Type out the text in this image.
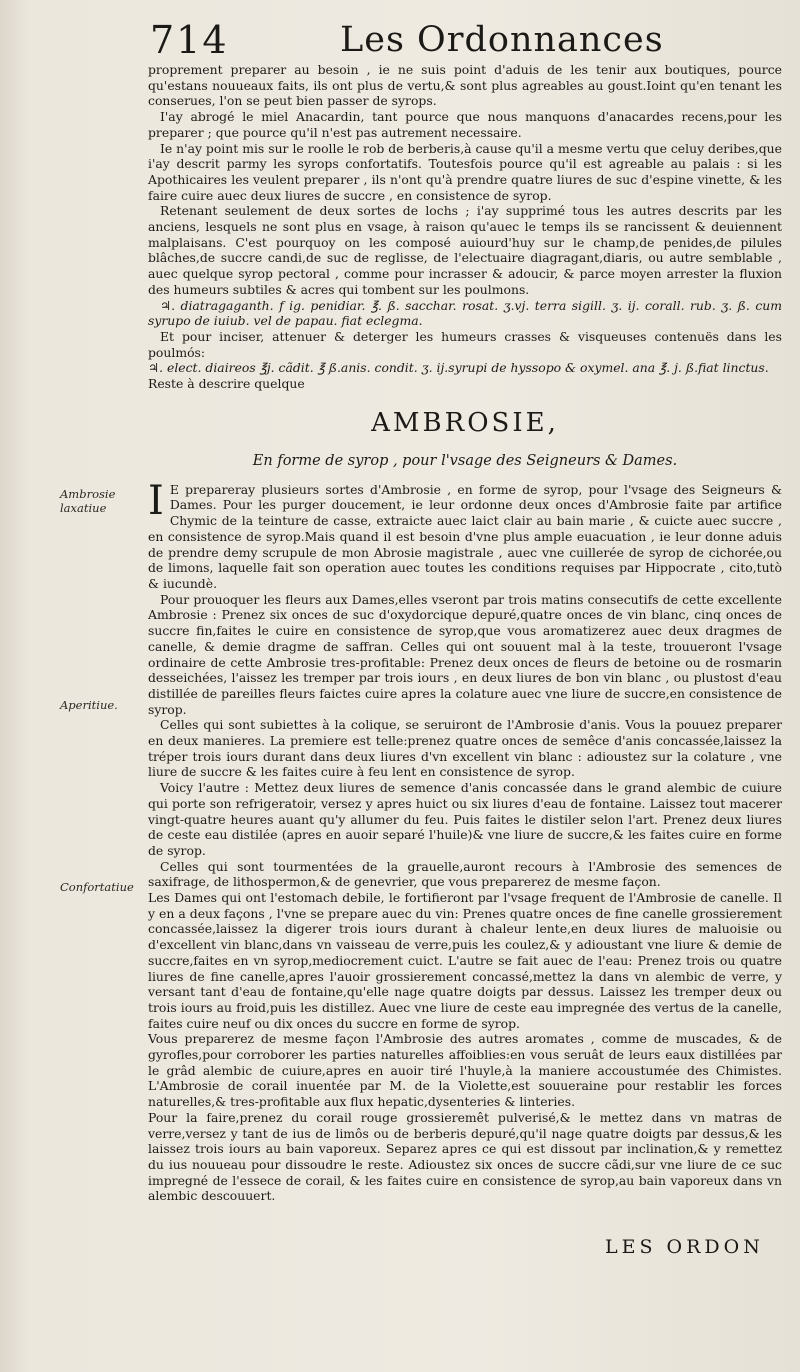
714	Les Ordonnances
Ambrosie laxatiue
Aperitiue.
Confortatiue

proprement preparer au besoin , ie ne suis point d'aduis de les tenir aux boutiques, pource qu'estans nouueaux faits, ils ont plus de vertu,& sont plus agreables au goust.Ioint qu'en tenant les conserues, l'on se peut bien passer de syrops.

I'ay abrogé le miel Anacardin, tant pource que nous manquons d'anacardes recens,pour les preparer ; que pource qu'il n'est pas autrement necessaire.

Ie n'ay point mis sur le roolle le rob de berberis,à cause qu'il a mesme vertu que celuy deribes,que i'ay descrit parmy les syrops confortatifs. Toutesfois pource qu'il est agreable au palais : si les Apothicaires les veulent preparer , ils n'ont qu'à prendre quatre liures de suc d'espine vinette, & les faire cuire auec deux liures de succre , en consistence de syrop.

Retenant seulement de deux sortes de lochs ; i'ay supprimé tous les autres descrits par les anciens, lesquels ne sont plus en vsage, à raison qu'auec le temps ils se rancissent & deuiennent malplaisans. C'est pourquoy on les composé auiourd'huy sur le champ,de penides,de pilules blâches,de succre candi,de suc de reglisse, de l'electuaire diagragant,diaris, ou autre semblable , auec quelque syrop pectoral , comme pour incrasser & adoucir, & parce moyen arrester la fluxion des humeurs subtiles & acres qui tombent sur les poulmons.

♃. diatragaganth. f ig. penidiar. ℥. ß. sacchar. rosat. ʒ.vj. terra sigill. ʒ. ij. corall. rub. ʒ. ß. cum syrupo de iuiub. vel de papau. fiat eclegma.

Et pour inciser, attenuer & deterger les humeurs crasses & visqueuses contenuës dans les poulmós:

♃. elect. diaireos ℥j. cãdit. ℥ ß.anis. condit. ʒ. ij.syrupi de hyssopo & oxymel. ana ℥. j. ß.fiat linctus.

Reste à descrire quelque

AMBROSIE,
En forme de syrop , pour l'vsage des Seigneurs & Dames.

I E prepareray plusieurs sortes d'Ambrosie , en forme de syrop, pour l'vsage des Seigneurs & Dames. Pour les purger doucement, ie leur ordonne deux onces d'Ambrosie faite par artifice Chymic de la teinture de casse, extraicte auec laict clair au bain marie , & cuicte auec succre , en consistence de syrop.Mais quand il est besoin d'vne plus ample euacuation , ie leur donne aduis de prendre demy scrupule de mon Abrosie magistrale , auec vne cuillerée de syrop de cichorée,ou de limons, laquelle fait son operation auec toutes les conditions requises par Hippocrate , cito,tutò & iucundè.

Pour prouoquer les fleurs aux Dames,elles vseront par trois matins consecutifs de cette excellente Ambrosie : Prenez six onces de suc d'oxydorcique depuré,quatre onces de vin blanc, cinq onces de succre fin,faites le cuire en consistence de syrop,que vous aromatizerez auec deux dragmes de canelle, & demie dragme de saffran. Celles qui ont souuent mal à la teste, trouueront l'vsage ordinaire de cette Ambrosie tres-profitable: Prenez deux onces de fleurs de betoine ou de rosmarin desseichées, l'aissez les tremper par trois iours , en deux liures de bon vin blanc , ou plustost d'eau distillée de pareilles fleurs faictes cuire apres la colature auec vne liure de succre,en consistence de syrop.

Celles qui sont subiettes à la colique, se seruiront de l'Ambrosie d'anis. Vous la pouuez preparer en deux manieres. La premiere est telle:prenez quatre onces de semêce d'anis concassée,laissez la tréper trois iours durant dans deux liures d'vn excellent vin blanc : adioustez sur la colature , vne liure de succre & les faites cuire à feu lent en consistence de syrop.

Voicy l'autre : Mettez deux liures de semence d'anis concassée dans le grand alembic de cuiure qui porte son refrigeratoir, versez y apres huict ou six liures d'eau de fontaine. Laissez tout macerer vingt-quatre heures auant qu'y allumer du feu. Puis faites le distiler selon l'art. Prenez deux liures de ceste eau distilée (apres en auoir separé l'huile)& vne liure de succre,& les faites cuire en forme de syrop.

Celles qui sont tourmentées de la grauelle,auront recours à l'Ambrosie des semences de saxifrage, de lithospermon,& de genevrier, que vous preparerez de mesme façon.

Les Dames qui ont l'estomach debile, le fortifieront par l'vsage frequent de l'Ambrosie de canelle. Il y en a deux façons , l'vne se prepare auec du vin: Prenes quatre onces de fine canelle grossierement concassée,laissez la digerer trois iours durant à chaleur lente,en deux liures de maluoisie ou d'excellent vin blanc,dans vn vaisseau de verre,puis les coulez,& y adioustant vne liure & demie de succre,faites en vn syrop,mediocrement cuict. L'autre se fait auec de l'eau: Prenez trois ou quatre liures de fine canelle,apres l'auoir grossierement concassé,mettez la dans vn alembic de verre, y versant tant d'eau de fontaine,qu'elle nage quatre doigts par dessus. Laissez les tremper deux ou trois iours au froid,puis les distillez. Auec vne liure de ceste eau impregnée des vertus de la canelle, faites cuire neuf ou dix onces du succre en forme de syrop.

Vous preparerez de mesme façon l'Ambrosie des autres aromates , comme de muscades, & de gyrofles,pour corroborer les parties naturelles affoiblies:en vous seruât de leurs eaux distillées par le grâd alembic de cuiure,apres en auoir tiré l'huyle,à la maniere accoustumée des Chimistes. L'Ambrosie de corail inuentée par M. de la Violette,est souueraine pour restablir les forces naturelles,& tres-profitable aux flux hepatic,dysenteries & linteries.

Pour la faire,prenez du corail rouge grossieremêt pulverisé,& le mettez dans vn matras de verre,versez y tant de ius de limôs ou de berberis depuré,qu'il nage quatre doigts par dessus,& les laissez trois iours au bain vaporeux. Separez apres ce qui est dissout par inclination,& y remettez du ius nouueau pour dissoudre le reste. Adioustez six onces de succre cãdi,sur vne liure de ce suc impregné de l'essece de corail, & les faites cuire en consistence de syrop,au bain vaporeux dans vn alembic descouuert.

LES ORDON
